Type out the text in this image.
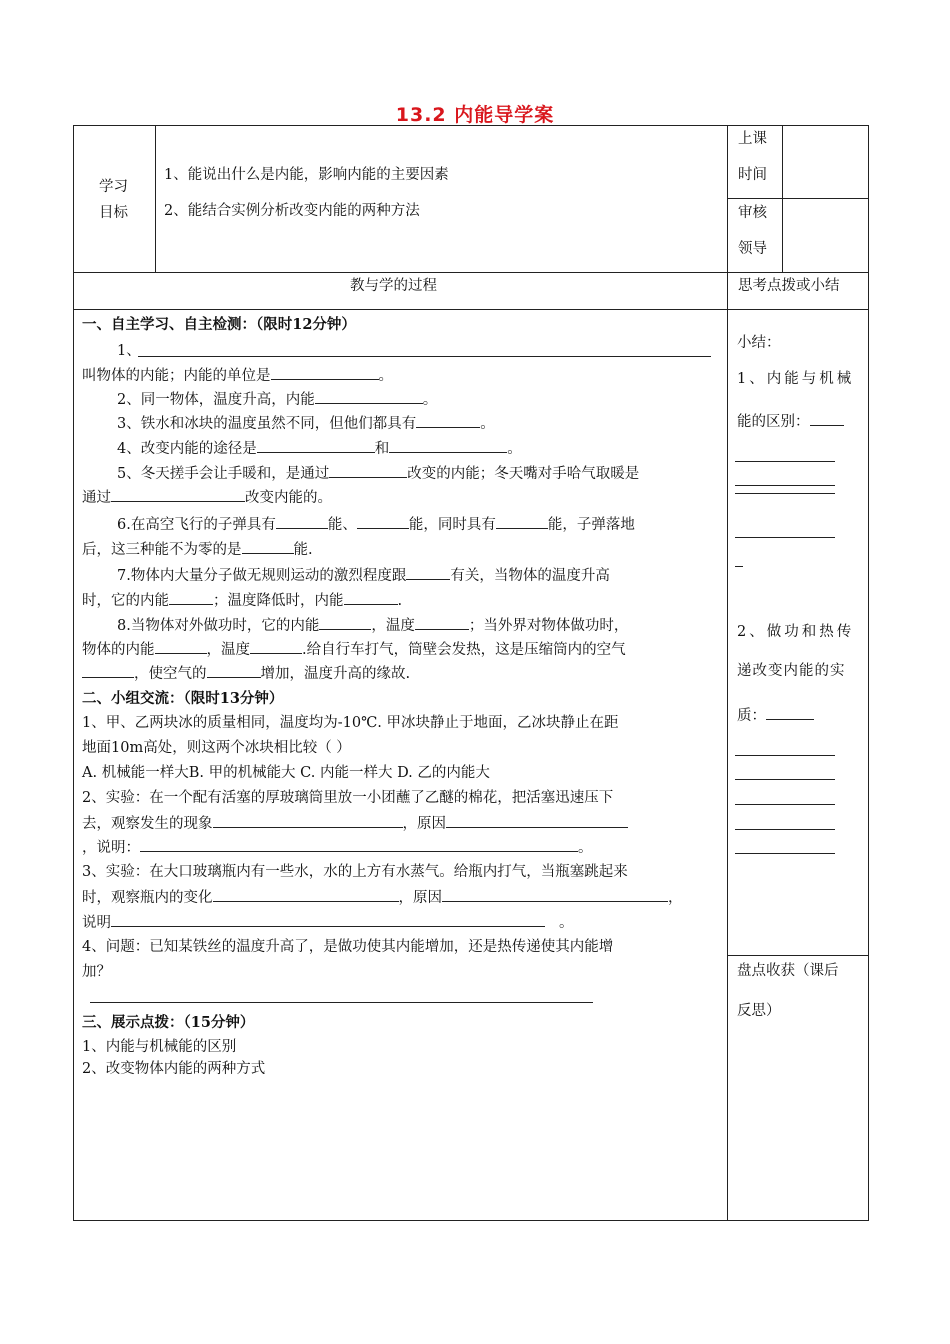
13.2 内能导学案
学习
目标
1、能说出什么是内能，影响内能的主要因素
2、能结合实例分析改变内能的两种方法
上课
时间
审核
领导
教与学的过程	思考点拨或小结
一、自主学习、自主检测：（限时12分钟）
1、
叫物体的内能；内能的单位是	。
2、同一物体，温度升高，内能	。
3、铁水和冰块的温度虽然不同，但他们都具有	。
4、改变内能的途径是	和	。
5、冬天搓手会让手暖和，是通过	改变的内能；冬天嘴对手哈气取暖是
通过	改变内能的。
6.在高空飞行的子弹具有	能、	能，同时具有	能，子弹落地
后，这三种能不为零的是	能.
7.物体内大量分子做无规则运动的激烈程度跟	有关，当物体的温度升高
时，它的内能	；温度降低时，内能	.
8.当物体对外做功时，它的内能	，温度	；当外界对物体做功时，
物体的内能	，温度	.给自行车打气，筒壁会发热，这是压缩筒内的空气
，使空气的	增加，温度升高的缘故.
二、小组交流：（限时13分钟）
1、甲、乙两块冰的质量相同，温度均为-10℃. 甲冰块静止于地面，乙冰块静止在距
地面10m高处，则这两个冰块相比较（ ）
A. 机械能一样大B. 甲的机械能大 C. 内能一样大 D. 乙的内能大
2、实验：在一个配有活塞的厚玻璃筒里放一小团蘸了乙醚的棉花，把活塞迅速压下
去，观察发生的现象	，原因
，说明：	。
3、实验：在大口玻璃瓶内有一些水，水的上方有水蒸气。给瓶内打气，当瓶塞跳起来
时，观察瓶内的变化	，原因	，
说明	。
4、问题：已知某铁丝的温度升高了，是做功使其内能增加，还是热传递使其内能增
加？
三、展示点拨：（15分钟）
1、内能与机械能的区别
2、改变物体内能的两种方式
小结：
1、内能与机械
能的区别：
2、做功和热传
递改变内能的实
质：
盘点收获（课后
反思）
